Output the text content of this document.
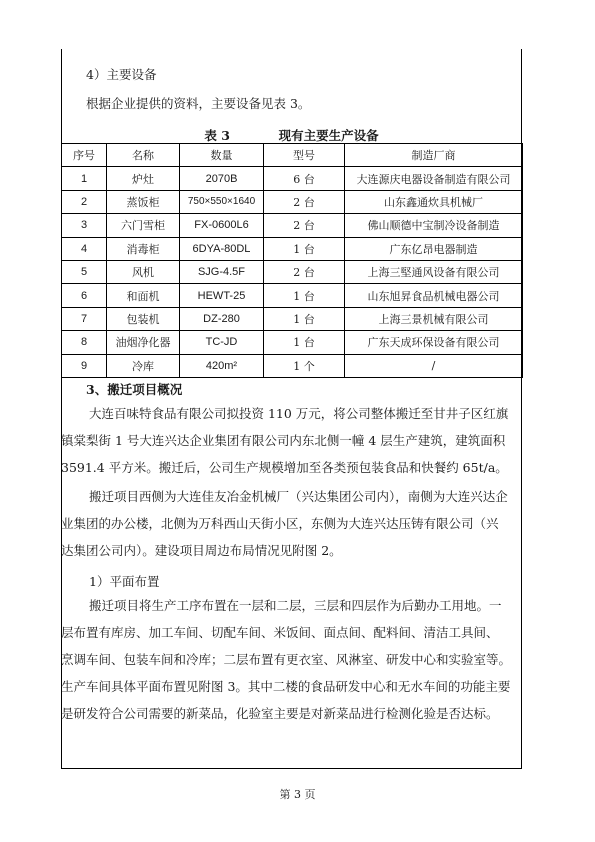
4）主要设备
根据企业提供的资料，主要设备见表 3。
表 3	现有主要生产设备
序号	名称	数量	型号	制造厂商
1	炉灶	2070B	6 台	大连源庆电器设备制造有限公司
2	蒸饭柜	750×550×1640	2 台	山东鑫通炊具机械厂
3	六门雪柜	FX-0600L6	2 台	佛山顺德中宝制冷设备制造
4	消毒柜	6DYA-80DL	1 台	广东亿昂电器制造
5	风机	SJG-4.5F	2 台	上海三堅通风设备有限公司
6	和面机	HEWT-25	1 台	山东旭昇食品机械电器公司
7	包装机	DZ-280	1 台	上海三景机械有限公司
8	油烟净化器	TC-JD	1 台	广东天成环保设备有限公司
9	冷库	420m²	1 个	/
3、搬迁项目概况
大连百味特食品有限公司拟投资 110 万元，将公司整体搬迁至甘井子区红旗
镇棠梨街 1 号大连兴达企业集团有限公司内东北侧一幢 4 层生产建筑，建筑面积
3591.4 平方米。搬迁后，公司生产规模增加至各类预包装食品和快餐约 65t/a。
搬迁项目西侧为大连佳友冶金机械厂（兴达集团公司内），南侧为大连兴达企
业集团的办公楼，北侧为万科西山天街小区，东侧为大连兴达压铸有限公司（兴
达集团公司内）。建设项目周边布局情况见附图 2。
1）平面布置
搬迁项目将生产工序布置在一层和二层，三层和四层作为后勤办工用地。一
层布置有库房、加工车间、切配车间、米饭间、面点间、配料间、清洁工具间、
烹调车间、包装车间和冷库；二层布置有更衣室、风淋室、研发中心和实验室等。
生产车间具体平面布置见附图 3。其中二楼的食品研发中心和无水车间的功能主要
是研发符合公司需要的新菜品，化验室主要是对新菜品进行检测化验是否达标。
第 3 页
